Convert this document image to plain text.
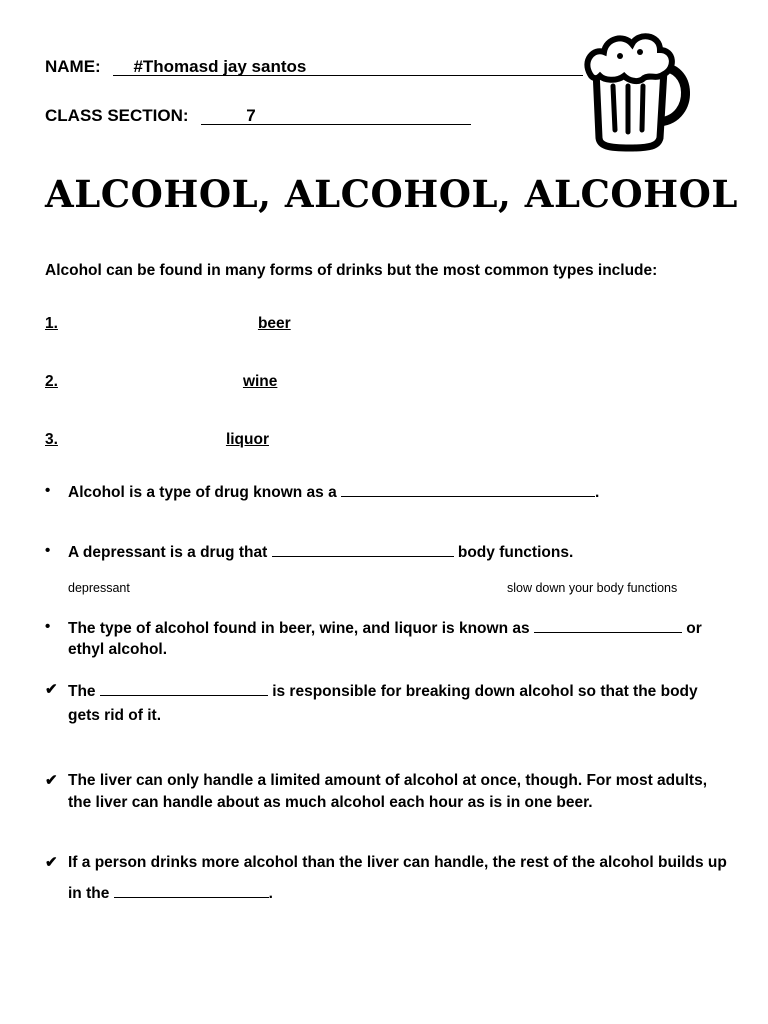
NAME: #Thomasd jay santos
CLASS SECTION:	7
ALCOHOL, ALCOHOL, ALCOHOL
Alcohol can be found in many forms of drinks but the most common types include:
1.	beer
2.	wine
3.	liquor
• Alcohol is a type of drug known as a	.
• A depressant is a drug that	body functions.
depressant	slow down your body functions
• The type of alcohol found in beer, wine, and liquor is known as	or
ethyl alcohol.
✔ The	is responsible for breaking down alcohol so that the body
gets rid of it.
✔ The liver can only handle a limited amount of alcohol at once, though. For most adults,
the liver can handle about as much alcohol each hour as is in one beer.
✔ If a person drinks more alcohol than the liver can handle, the rest of the alcohol builds up
in the	.
